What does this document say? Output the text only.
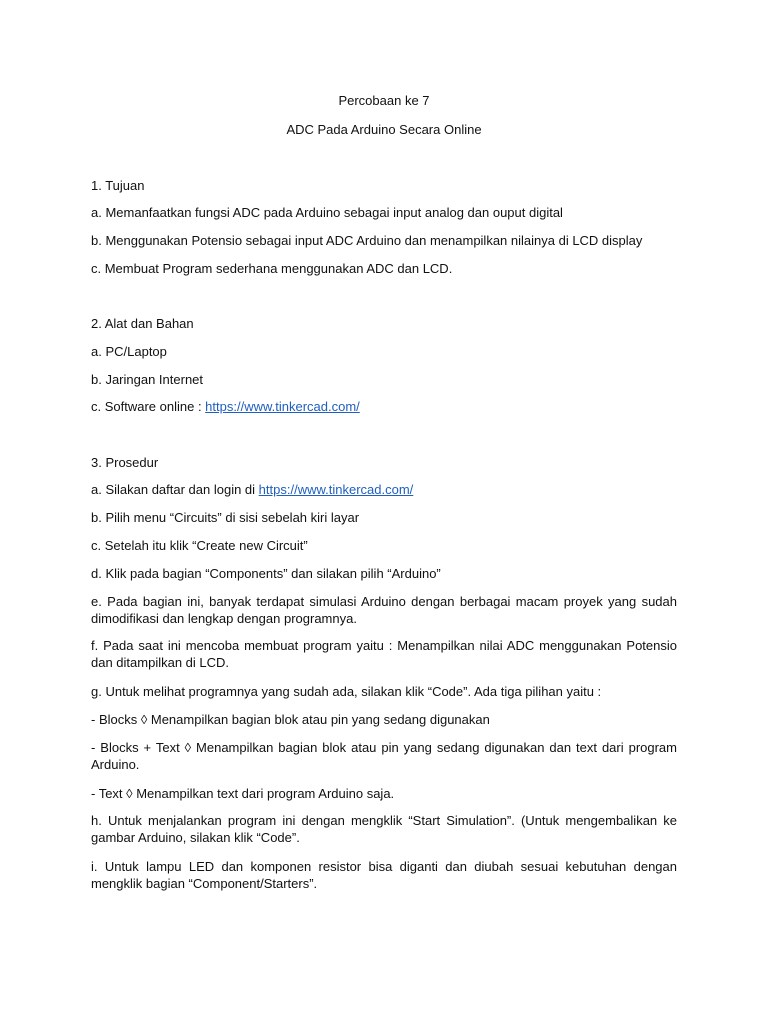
Percobaan ke 7
ADC Pada Arduino Secara Online
1. Tujuan
a. Memanfaatkan fungsi ADC pada Arduino sebagai input analog dan ouput digital
b. Menggunakan Potensio sebagai input ADC Arduino dan menampilkan nilainya di LCD display
c. Membuat Program sederhana menggunakan ADC dan LCD.
2. Alat dan Bahan
a. PC/Laptop
b. Jaringan Internet
c. Software online : https://www.tinkercad.com/
3. Prosedur
a. Silakan daftar dan login di https://www.tinkercad.com/
b. Pilih menu “Circuits” di sisi sebelah kiri layar
c. Setelah itu klik “Create new Circuit”
d. Klik pada bagian “Components” dan silakan pilih “Arduino”
e. Pada bagian ini, banyak terdapat simulasi Arduino dengan berbagai macam proyek yang sudah dimodifikasi dan lengkap dengan programnya.
f. Pada saat ini mencoba membuat program yaitu : Menampilkan nilai ADC menggunakan Potensio dan ditampilkan di LCD.
g. Untuk melihat programnya yang sudah ada, silakan klik “Code”. Ada tiga pilihan yaitu :
- Blocks ◊ Menampilkan bagian blok atau pin yang sedang digunakan
- Blocks + Text ◊ Menampilkan bagian blok atau pin yang sedang digunakan dan text dari program Arduino.
- Text ◊ Menampilkan text dari program Arduino saja.
h. Untuk menjalankan program ini dengan mengklik “Start Simulation”. (Untuk mengembalikan ke gambar Arduino, silakan klik “Code”.
i. Untuk lampu LED dan komponen resistor bisa diganti dan diubah sesuai kebutuhan dengan mengklik bagian “Component/Starters”.
